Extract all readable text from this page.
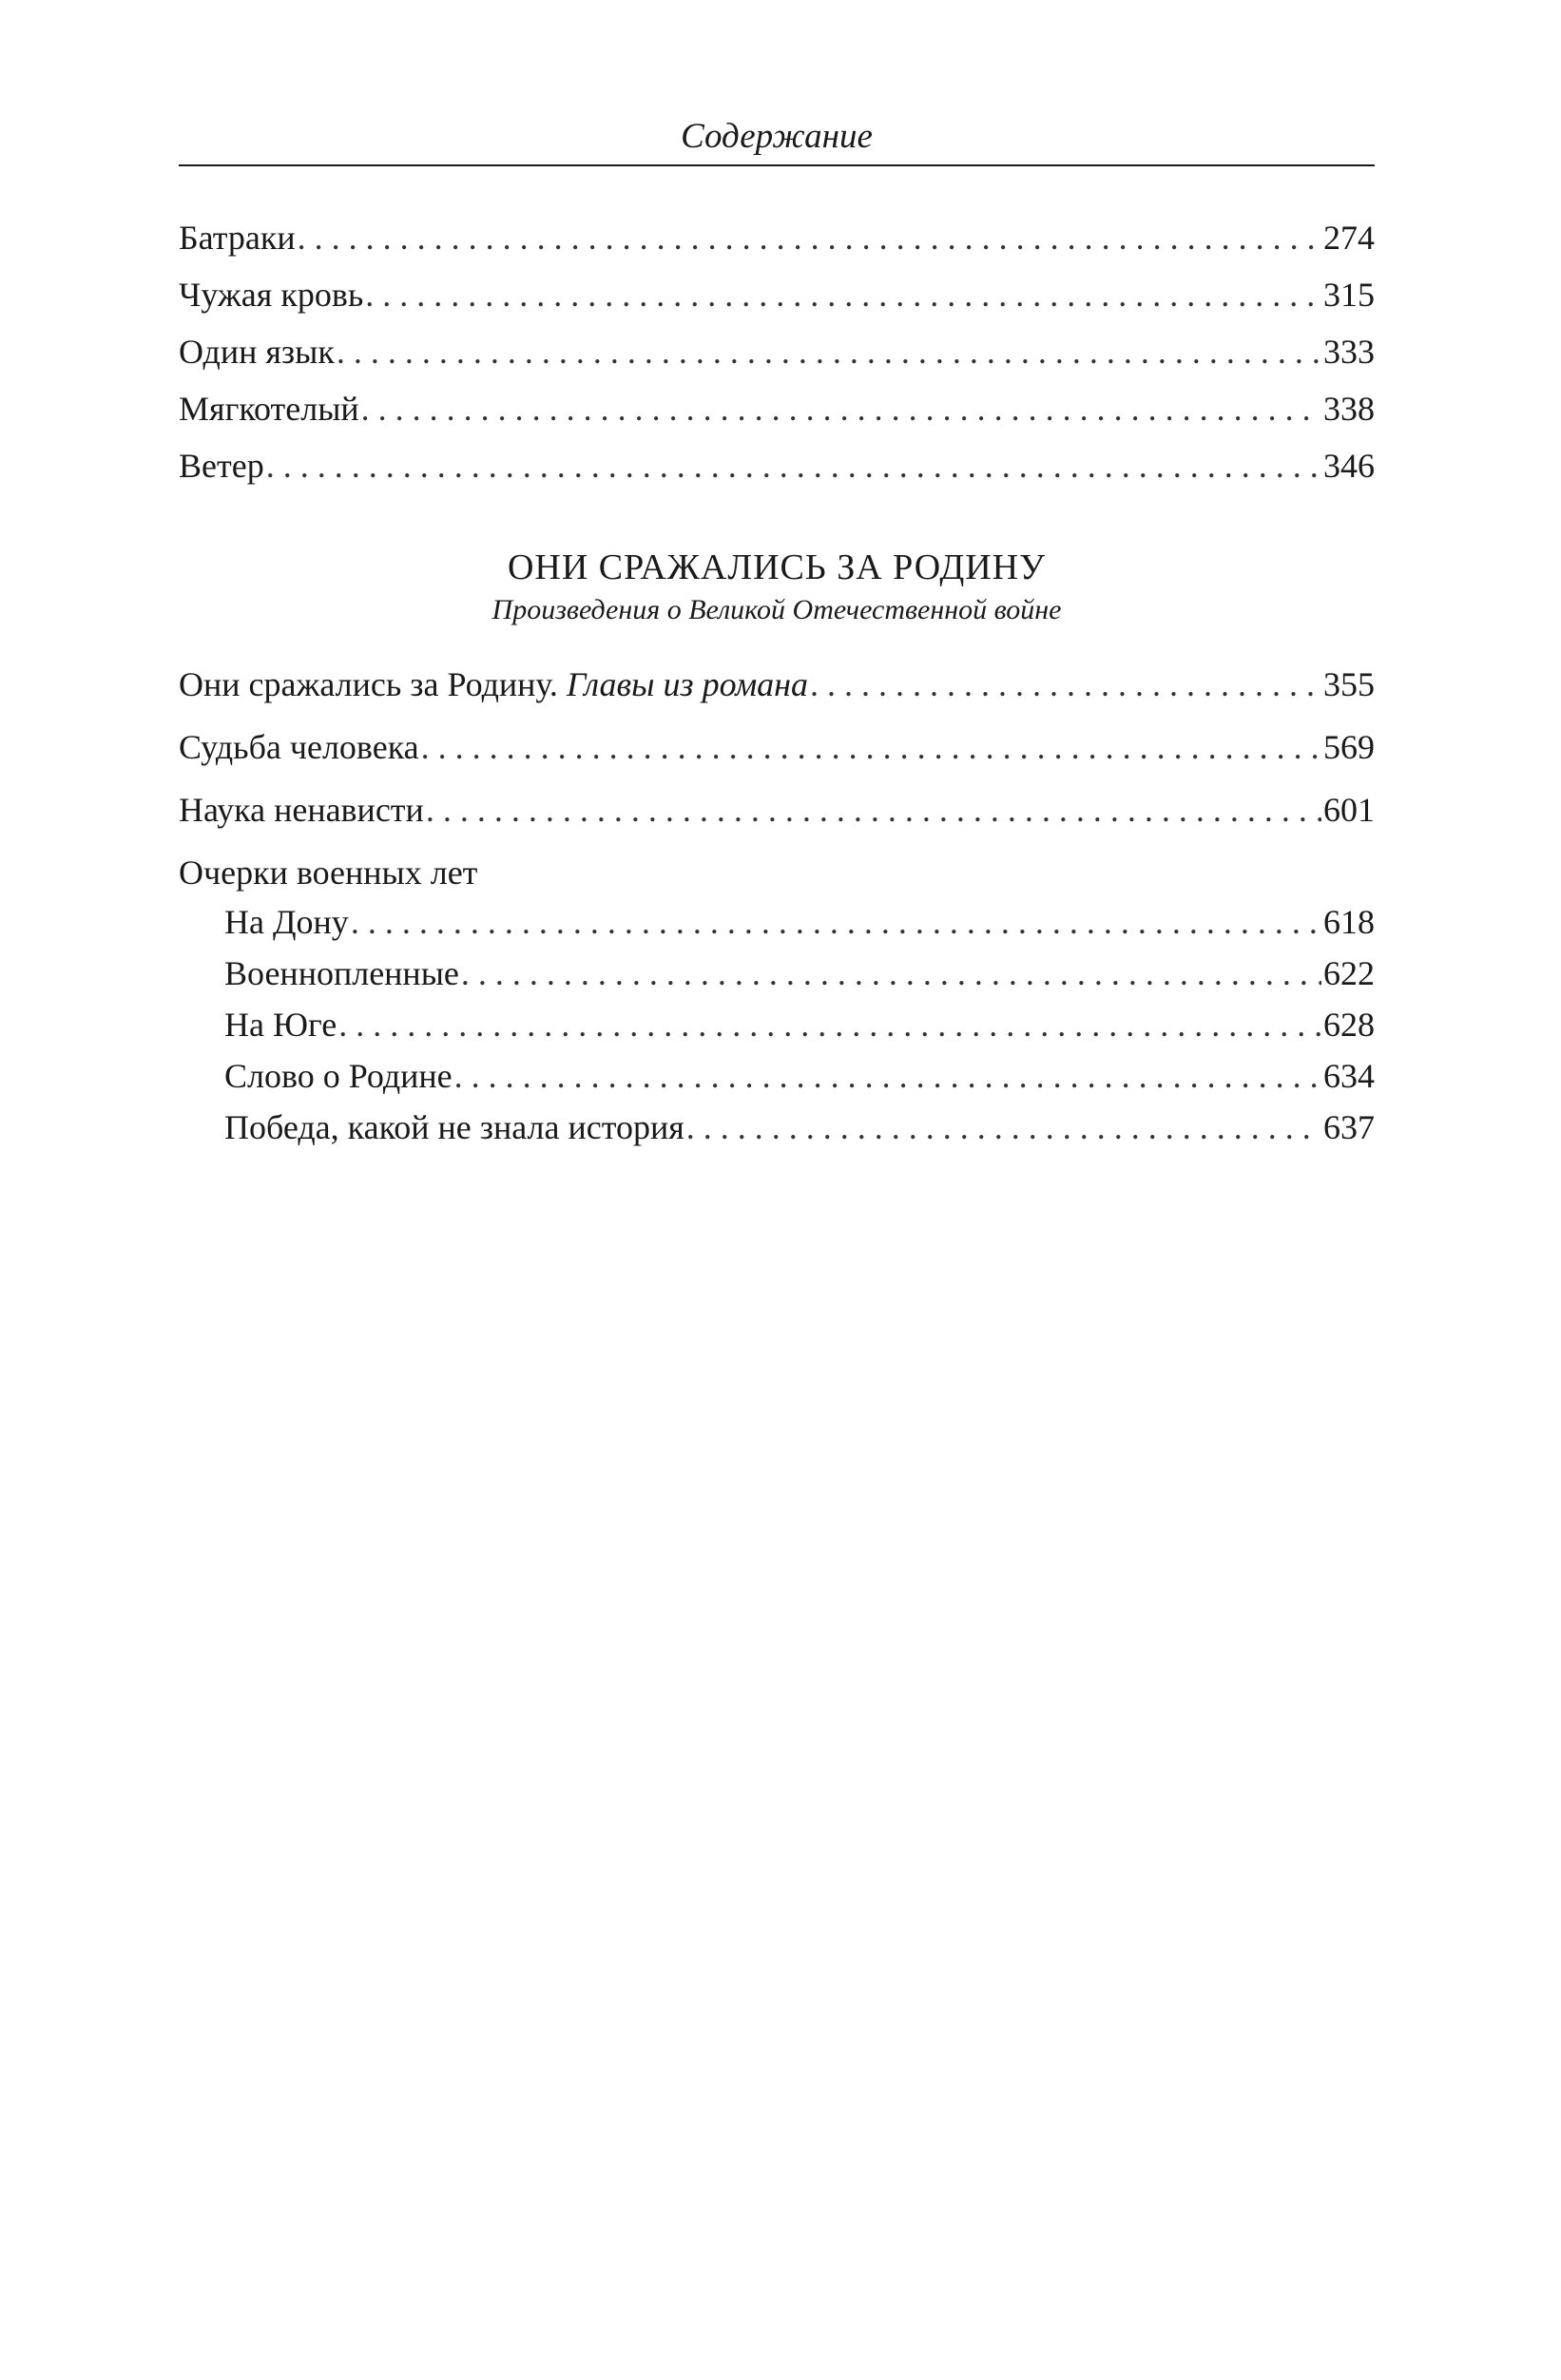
Содержание
Батраки . . .	274
Чужая кровь . . .	315
Один язык . . .	333
Мягкотелый . . .	338
Ветер . . .	346
ОНИ СРАЖАЛИСЬ ЗА РОДИНУ
Произведения о Великой Отечественной войне
Они сражались за Родину. Главы из романа . . .	355
Судьба человека . . .	569
Наука ненависти . . .	601
Очерки военных лет
На Дону . . .	618
Военнопленные . . .	622
На Юге . . .	628
Слово о Родине . . .	634
Победа, какой не знала история . . .	637
